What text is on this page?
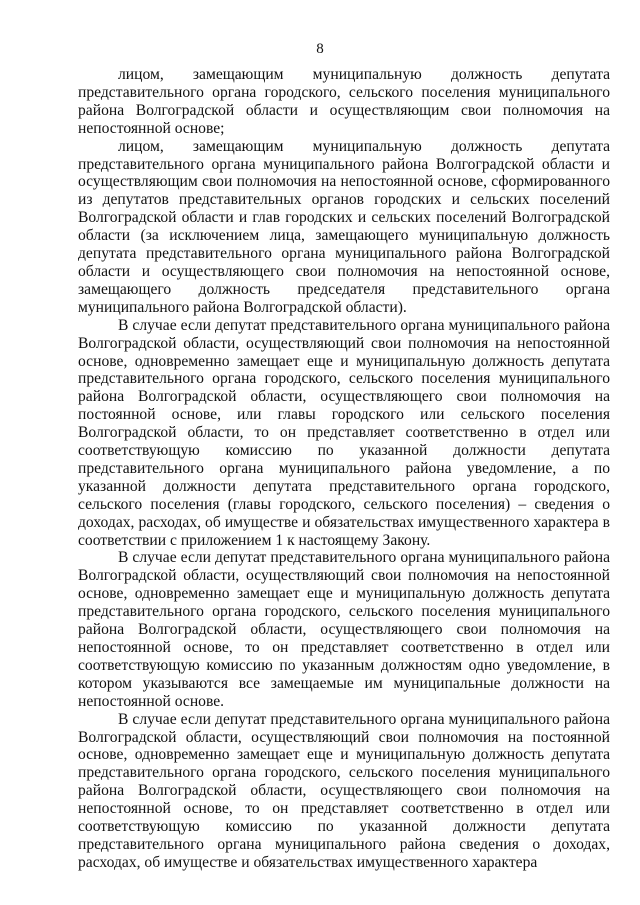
8

лицом, замещающим муниципальную должность депутата представительного органа городского, сельского поселения муниципального района Волгоградской области и осуществляющим свои полномочия на непостоянной основе;

лицом, замещающим муниципальную должность депутата представительного органа муниципального района Волгоградской области и осуществляющим свои полномочия на непостоянной основе, сформированного из депутатов представительных органов городских и сельских поселений Волгоградской области и глав городских и сельских поселений Волгоградской области (за исключением лица, замещающего муниципальную должность депутата представительного органа муниципального района Волгоградской области и осуществляющего свои полномочия на непостоянной основе, замещающего должность председателя представительного органа муниципального района Волгоградской области).

В случае если депутат представительного органа муниципального района Волгоградской области, осуществляющий свои полномочия на непостоянной основе, одновременно замещает еще и муниципальную должность депутата представительного органа городского, сельского поселения муниципального района Волгоградской области, осуществляющего свои полномочия на постоянной основе, или главы городского или сельского поселения Волгоградской области, то он представляет соответственно в отдел или соответствующую комиссию по указанной должности депутата представительного органа муниципального района уведомление, а по указанной должности депутата представительного органа городского, сельского поселения (главы городского, сельского поселения) – сведения о доходах, расходах, об имуществе и обязательствах имущественного характера в соответствии с приложением 1 к настоящему Закону.

В случае если депутат представительного органа муниципального района Волгоградской области, осуществляющий свои полномочия на непостоянной основе, одновременно замещает еще и муниципальную должность депутата представительного органа городского, сельского поселения муниципального района Волгоградской области, осуществляющего свои полномочия на непостоянной основе, то он представляет соответственно в отдел или соответствующую комиссию по указанным должностям одно уведомление, в котором указываются все замещаемые им муниципальные должности на непостоянной основе.

В случае если депутат представительного органа муниципального района Волгоградской области, осуществляющий свои полномочия на постоянной основе, одновременно замещает еще и муниципальную должность депутата представительного органа городского, сельского поселения муниципального района Волгоградской области, осуществляющего свои полномочия на непостоянной основе, то он представляет соответственно в отдел или соответствующую комиссию по указанной должности депутата представительного органа муниципального района сведения о доходах, расходах, об имуществе и обязательствах имущественного характера
